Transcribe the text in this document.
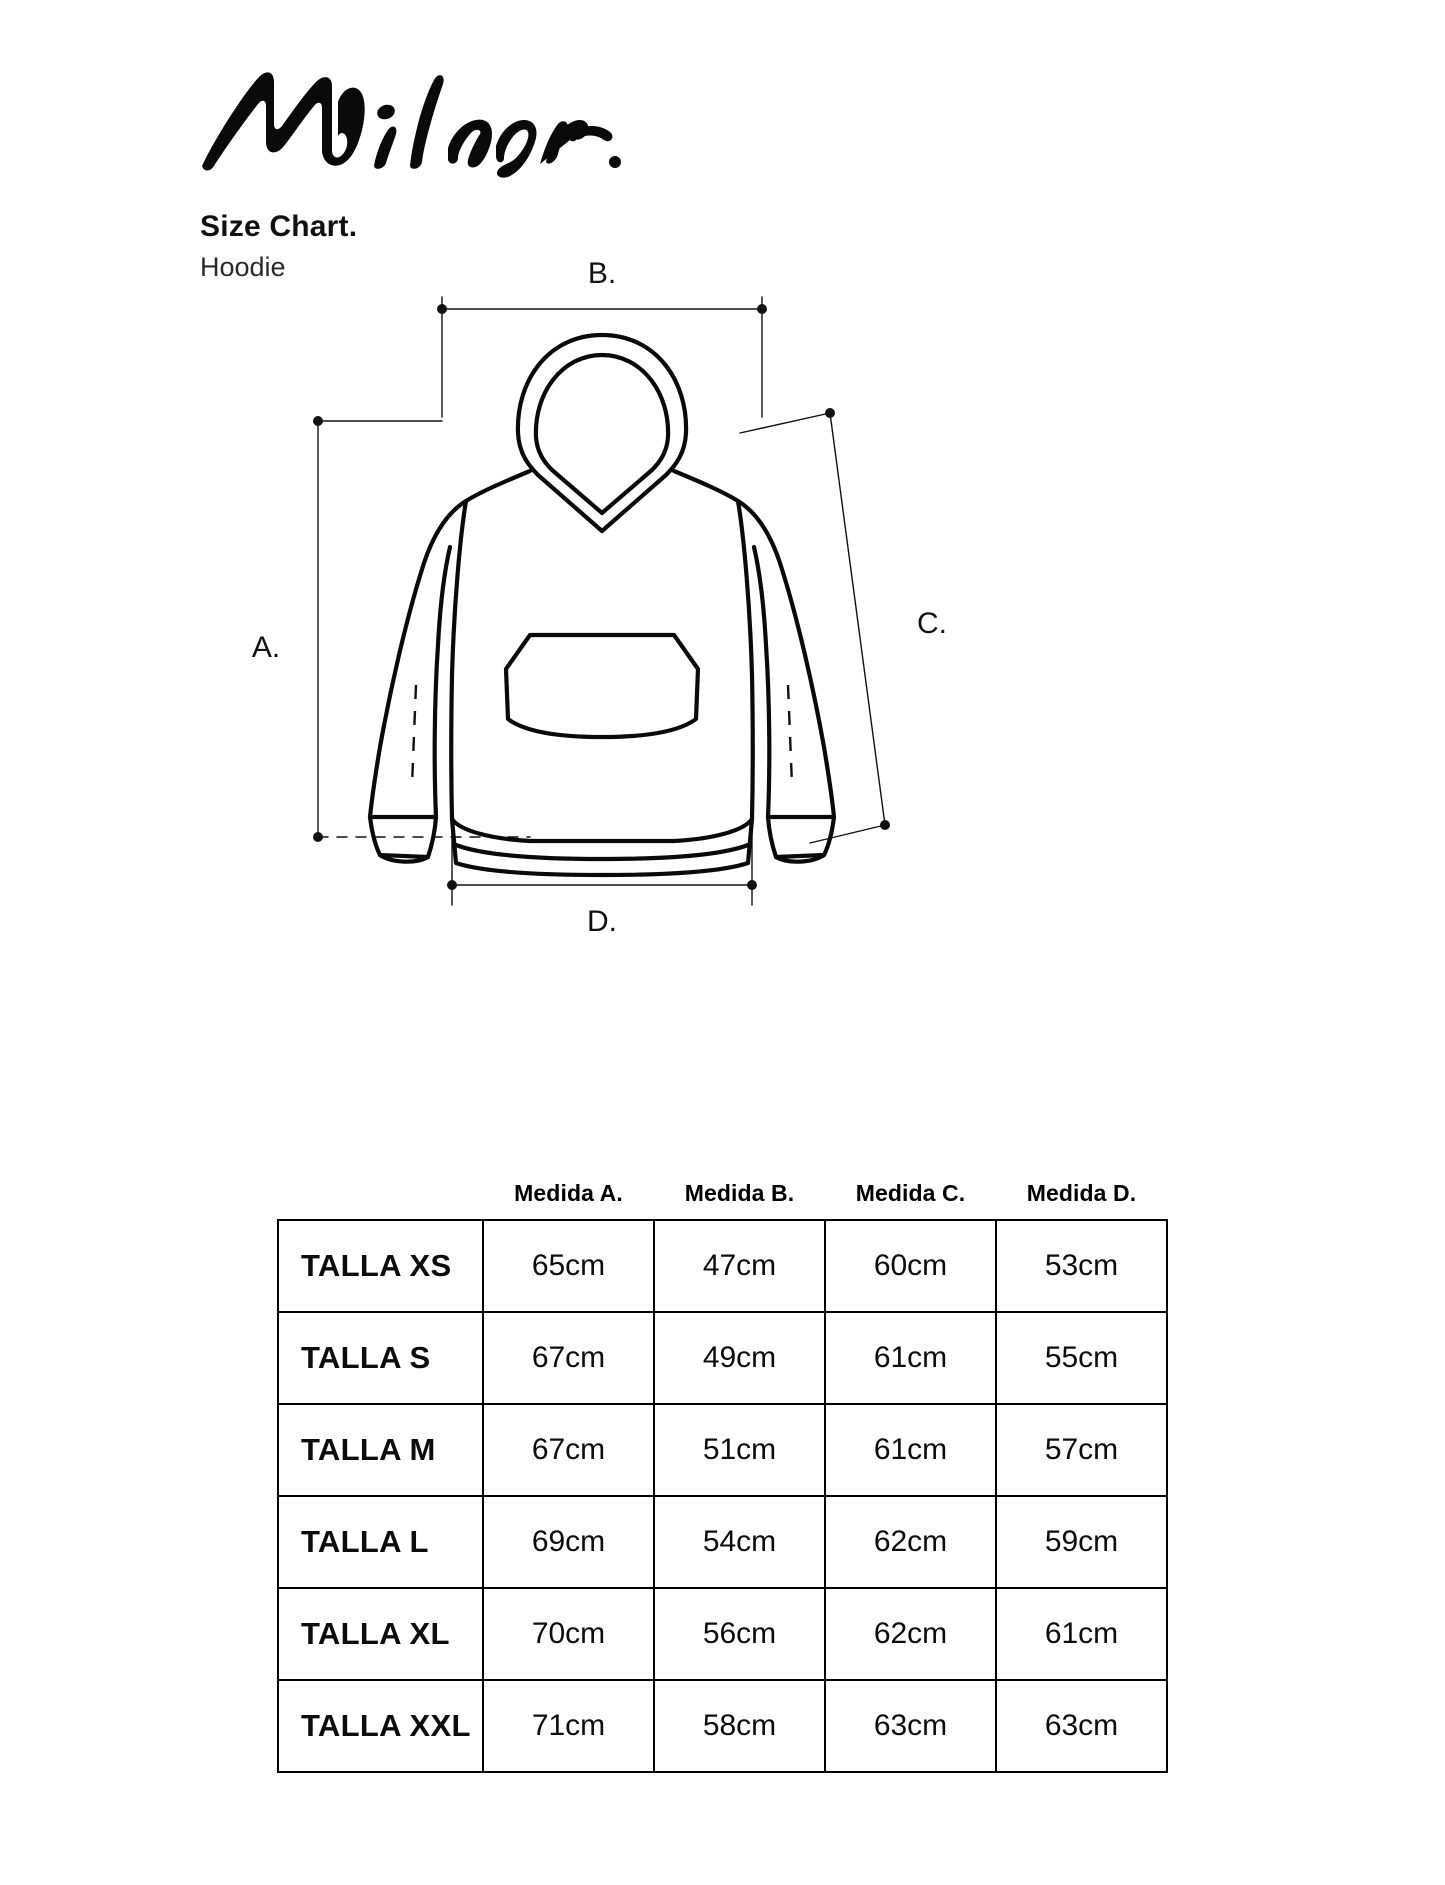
Size Chart.
Hoodie	B.
A.
C.
D.
	Medida A.	Medida B.	Medida C.	Medida D.
TALLA XS	65cm	47cm	60cm	53cm
TALLA S	67cm	49cm	61cm	55cm
TALLA M	67cm	51cm	61cm	57cm
TALLA L	69cm	54cm	62cm	59cm
TALLA XL	70cm	56cm	62cm	61cm
TALLA XXL	71cm	58cm	63cm	63cm
